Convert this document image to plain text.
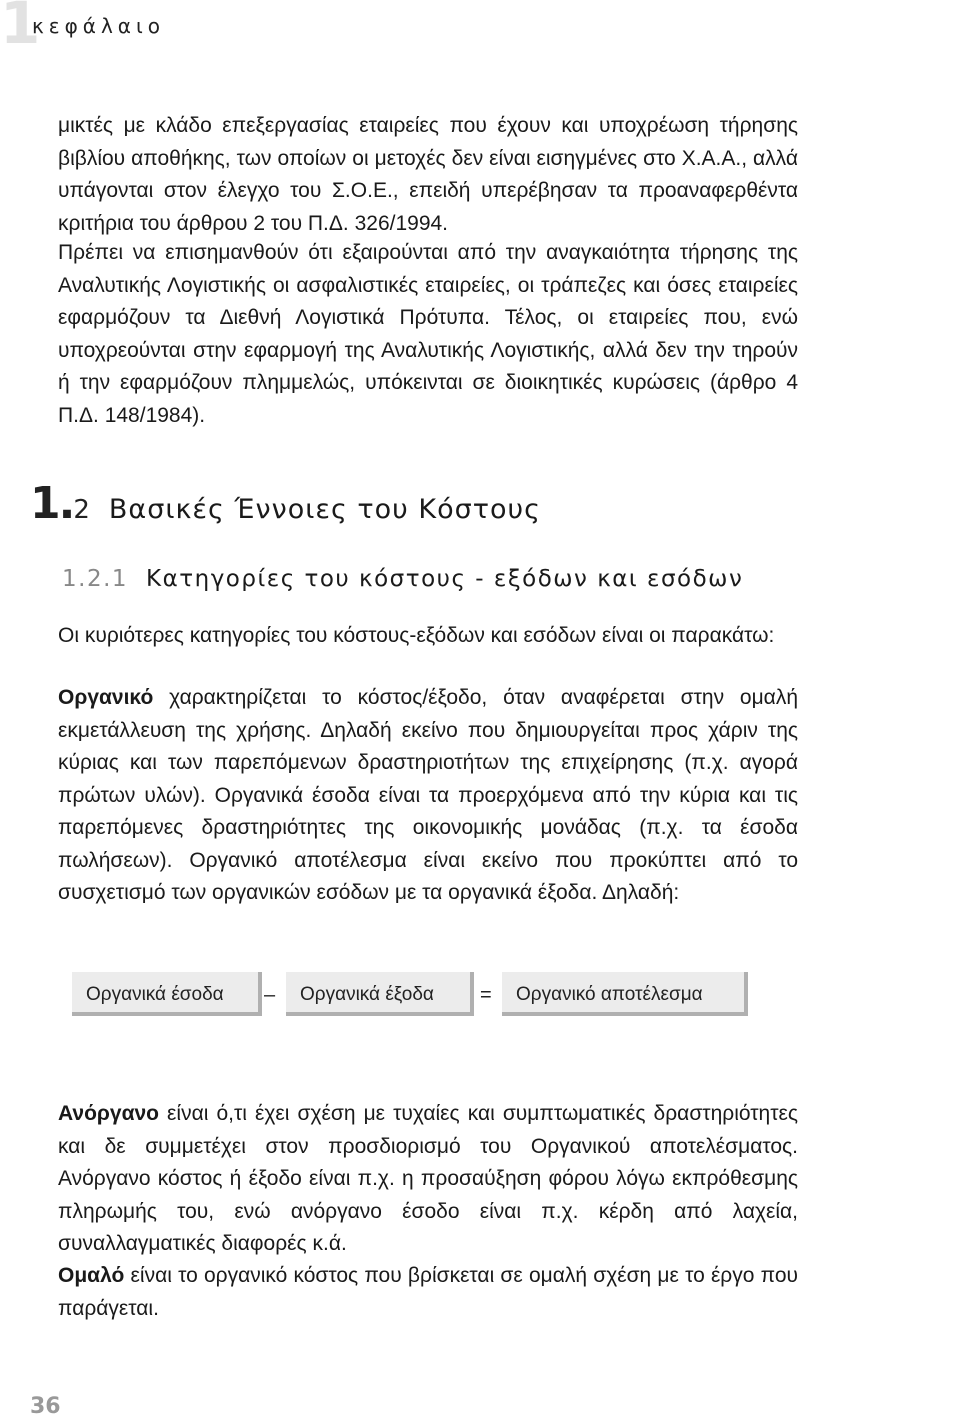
1
κεφάλαιο

μικτές με κλάδο επεξεργασίας εταιρείες που έχουν και υποχρέωση τήρησης βιβλίου αποθήκης, των οποίων οι μετοχές δεν είναι εισηγμένες στο Χ.Α.Α., αλλά υπάγονται στον έλεγχο του Σ.Ο.Ε., επειδή υπερέβησαν τα προαναφερθέντα κριτήρια του άρθρου 2 του Π.Δ. 326/1994.

Πρέπει να επισημανθούν ότι εξαιρούνται από την αναγκαιότητα τήρησης της Αναλυτικής Λογιστικής οι ασφαλιστικές εταιρείες, οι τράπεζες και όσες εταιρείες εφαρμόζουν τα Διεθνή Λογιστικά Πρότυπα. Τέλος, οι εταιρείες που, ενώ υποχρεούνται στην εφαρμογή της Αναλυτικής Λογιστικής, αλλά δεν την τηρούν ή την εφαρμόζουν πλημμελώς, υπόκεινται σε διοικητικές κυρώσεις (άρθρο 4 Π.Δ. 148/1984).

1.2 Βασικές Έννοιες του Κόστους
1.2.1 Κατηγορίες του κόστους - εξόδων και εσόδων

Οι κυριότερες κατηγορίες του κόστους-εξόδων και εσόδων είναι οι παρακάτω:

Οργανικό χαρακτηρίζεται το κόστος/έξοδο, όταν αναφέρεται στην ομαλή εκμετάλλευση της χρήσης. Δηλαδή εκείνο που δημιουργείται προς χάριν της κύριας και των παρεπόμενων δραστηριοτήτων της επιχείρησης (π.χ. αγορά πρώτων υλών). Οργανικά έσοδα είναι τα προερχόμενα από την κύρια και τις παρεπόμενες δραστηριότητες της οικονομικής μονάδας (π.χ. τα έσοδα πωλήσεων). Οργανικό αποτέλεσμα είναι εκείνο που προκύπτει από το συσχετισμό των οργανικών εσόδων με τα οργανικά έξοδα. Δηλαδή:

Οργανικά έσοδα	–	Οργανικά έξοδα	=	Οργανικό αποτέλεσμα

Ανόργανο είναι ό,τι έχει σχέση με τυχαίες και συμπτωματικές δραστηριότητες και δε συμμετέχει στον προσδιορισμό του Οργανικού αποτελέσματος. Ανόργανο κόστος ή έξοδο είναι π.χ. η προσαύξηση φόρου λόγω εκπρόθεσμης πληρωμής του, ενώ ανόργανο έσοδο είναι π.χ. κέρδη από λαχεία, συναλλαγματικές διαφορές κ.ά.

Ομαλό είναι το οργανικό κόστος που βρίσκεται σε ομαλή σχέση με το έργο που παράγεται.

36
